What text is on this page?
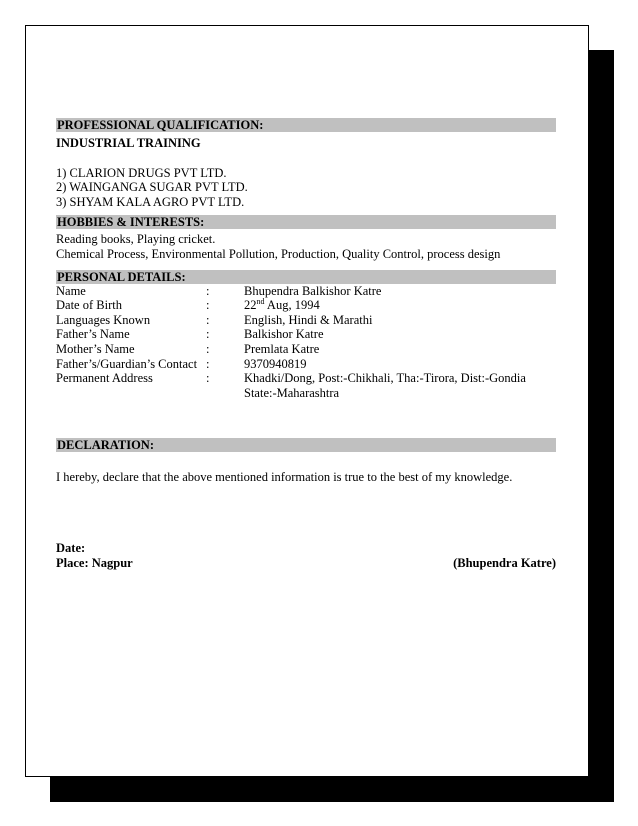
PROFESSIONAL QUALIFICATION:
INDUSTRIAL TRAINING
1) CLARION DRUGS PVT LTD.
2) WAINGANGA SUGAR PVT LTD.
3) SHYAM KALA AGRO PVT LTD.
HOBBIES & INTERESTS:
Reading books, Playing cricket.
Chemical Process, Environmental Pollution, Production, Quality Control, process design
PERSONAL DETAILS:
Name	:	Bhupendra Balkishor Katre
Date of Birth	:	22nd Aug, 1994
Languages Known	:	English, Hindi & Marathi
Father’s Name	:	Balkishor Katre
Mother’s Name	:	Premlata Katre
Father’s/Guardian’s Contact :	9370940819
Permanent Address	:	Khadki/Dong, Post:-Chikhali, Tha:-Tirora, Dist:-Gondia
State:-Maharashtra
DECLARATION:
I hereby, declare that the above mentioned information is true to the best of my knowledge.
Date:
Place: Nagpur	(Bhupendra Katre)
